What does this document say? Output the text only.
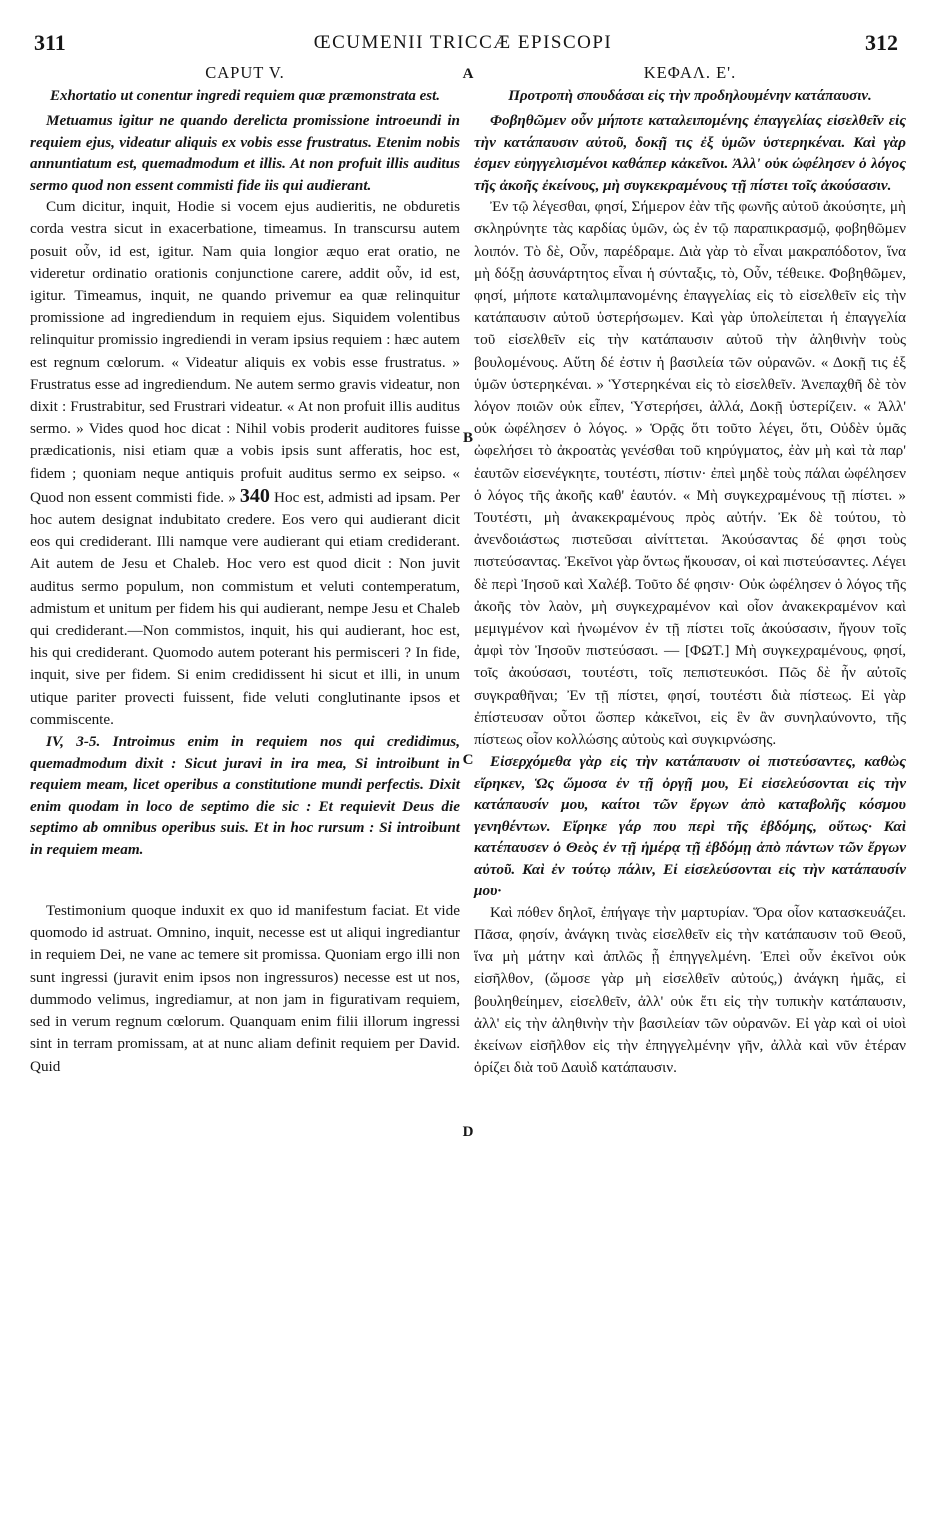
311	ŒCUMENII TRICCÆ EPISCOPI	312
A
B
C
D
CAPUT V.
Exhortatio ut conentur ingredi requiem quæ præmonstrata est.

Metuamus igitur ne quando derelicta promissione introeundi in requiem ejus, videatur aliquis ex vobis esse frustratus. Etenim nobis annuntiatum est, quemadmodum et illis. At non profuit illis auditus sermo quod non essent commisti fide iis qui audierant.

Cum dicitur, inquit, Hodie si vocem ejus audieritis, ne obduretis corda vestra sicut in exacerbatione, timeamus. In transcursu autem posuit οὖν, id est, igitur. Nam quia longior æquo erat oratio, ne videretur ordinatio orationis conjunctione carere, addit οὖν, id est, igitur. Timeamus, inquit, ne quando privemur ea quæ relinquitur promissione ad ingrediendum in requiem ejus. Siquidem volentibus relinquitur promissio ingrediendi in veram ipsius requiem : hæc autem est regnum cœlorum. « Videatur aliquis ex vobis esse frustratus. » Frustratus esse ad ingrediendum. Ne autem sermo gravis videatur, non dixit : Frustrabitur, sed Frustrari videatur. « At non profuit illis auditus sermo. » Vides quod hoc dicat : Nihil vobis proderit auditores fuisse prædicationis, nisi etiam quæ a vobis ipsis sunt afferatis, hoc est, fidem ; quoniam neque antiquis profuit auditus sermo ex seipso. « Quod non essent commisti fide. » 340 Hoc est, admisti ad ipsam. Per hoc autem designat indubitato credere. Eos vero qui audierant dicit eos qui crediderant. Illi namque vere audierant qui etiam crediderant. Ait autem de Jesu et Chaleb. Hoc vero est quod dicit : Non juvit auditus sermo populum, non commistum et veluti contemperatum, admistum et unitum per fidem his qui audierant, nempe Jesu et Chaleb qui crediderant.—Non commistos, inquit, his qui audierant, hoc est, his qui crediderant. Quomodo autem poterant his permisceri ? In fide, inquit, sive per fidem. Si enim credidissent hi sicut et illi, in unum utique pariter provecti fuissent, fide veluti conglutinante ipsos et commiscente.

IV, 3-5. Introimus enim in requiem nos qui credidimus, quemadmodum dixit : Sicut juravi in ira mea, Si introibunt in requiem meam, licet operibus a constitutione mundi perfectis. Dixit enim quodam in loco de septimo die sic : Et requievit Deus die septimo ab omnibus operibus suis. Et in hoc rursum : Si introibunt in requiem meam.

Testimonium quoque induxit ex quo id manifestum faciat. Et vide quomodo id astruat. Omnino, inquit, necesse est ut aliqui ingrediantur in requiem Dei, ne vane ac temere sit promissa. Quoniam ergo illi non sunt ingressi (juravit enim ipsos non ingressuros) necesse est ut nos, dummodo velimus, ingrediamur, at non jam in figurativam requiem, sed in verum regnum cœlorum. Quanquam enim filii illorum ingressi sint in terram promissam, at at nunc aliam definit requiem per David. Quid

ΚΕΦΑΛ. Ε'.
Προτροπὴ σπουδάσαι εἰς τὴν προδηλουμένην κατάπαυσιν.

Φοβηθῶμεν οὖν μήποτε καταλειπομένης ἐπαγγελίας εἰσελθεῖν εἰς τὴν κατάπαυσιν αὐτοῦ, δοκῇ τις ἐξ ὑμῶν ὑστερηκέναι. Καὶ γὰρ ἐσμεν εὐηγγελισμένοι καθάπερ κἀκεῖνοι. Ἀλλ' οὐκ ὠφέλησεν ὁ λόγος τῆς ἀκοῆς ἐκείνους, μὴ συγκεκραμένους τῇ πίστει τοῖς ἀκούσασιν.

Ἐν τῷ λέγεσθαι, φησί, Σήμερον ἐὰν τῆς φωνῆς αὐτοῦ ἀκούσητε, μὴ σκληρύνητε τὰς καρδίας ὑμῶν, ὡς ἐν τῷ παραπικρασμῷ, φοβηθῶμεν λοιπόν. Τὸ δὲ, Οὖν, παρέδραμε. Διὰ γὰρ τὸ εἶναι μακραπόδοτον, ἵνα μὴ δόξῃ ἀσυνάρτητος εἶναι ἡ σύνταξις, τὸ, Οὖν, τέθεικε. Φοβηθῶμεν, φησί, μήποτε καταλιμπανομένης ἐπαγγελίας εἰς τὸ εἰσελθεῖν εἰς τὴν κατάπαυσιν αὐτοῦ ὑστερήσωμεν. Καὶ γὰρ ὑπολείπεται ἡ ἐπαγγελία τοῦ εἰσελθεῖν εἰς τὴν κατάπαυσιν αὐτοῦ τὴν ἀληθινὴν τοὺς βουλομένους. Αὕτη δέ ἐστιν ἡ βασιλεία τῶν οὐρανῶν. « Δοκῇ τις ἐξ ὑμῶν ὑστερηκέναι. » Ὑστερηκέναι εἰς τὸ εἰσελθεῖν. Ἀνεπαχθῆ δὲ τὸν λόγον ποιῶν οὐκ εἶπεν, Ὑστερήσει, ἀλλά, Δοκῇ ὑστερίζειν. « Ἀλλ' οὐκ ὠφέλησεν ὁ λόγος. » Ὁρᾷς ὅτι τοῦτο λέγει, ὅτι, Οὐδὲν ὑμᾶς ὠφελήσει τὸ ἀκροατὰς γενέσθαι τοῦ κηρύγματος, ἐὰν μὴ καὶ τὰ παρ' ἑαυτῶν εἰσενέγκητε, τουτέστι, πίστιν· ἐπεὶ μηδὲ τοὺς πάλαι ὠφέλησεν ὁ λόγος τῆς ἀκοῆς καθ' ἑαυτόν. « Μὴ συγκεχραμένους τῇ πίστει. » Τουτέστι, μὴ ἀνακεκραμένους πρὸς αὐτήν. Ἐκ δὲ τούτου, τὸ ἀνενδοιάστως πιστεῦσαι αἰνίττεται. Ἀκούσαντας δέ φησι τοὺς πιστεύσαντας. Ἐκεῖνοι γὰρ ὄντως ἤκουσαν, οἱ καὶ πιστεύσαντες. Λέγει δὲ περὶ Ἰησοῦ καὶ Χαλέβ. Τοῦτο δέ φησιν· Οὐκ ὠφέλησεν ὁ λόγος τῆς ἀκοῆς τὸν λαὸν, μὴ συγκεχραμένον καὶ οἷον ἀνακεκραμένον καὶ μεμιγμένον καὶ ἡνωμένον ἐν τῇ πίστει τοῖς ἀκούσασιν, ἤγουν τοῖς ἀμφὶ τὸν Ἰησοῦν πιστεύσασι. — [ΦΩΤ.] Μὴ συγκεχραμένους, φησί, τοῖς ἀκούσασι, τουτέστι, τοῖς πεπιστευκόσι. Πῶς δὲ ἦν αὐτοῖς συγκραθῆναι; Ἐν τῇ πίστει, φησί, τουτέστι διὰ πίστεως. Εἰ γὰρ ἐπίστευσαν οὗτοι ὥσπερ κἀκεῖνοι, εἰς ἓν ἂν συνηλαύνοντο, τῆς πίστεως οἷον κολλώσης αὐτοὺς καὶ συγκιρνώσης.

Εἰσερχόμεθα γὰρ εἰς τὴν κατάπαυσιν οἱ πιστεύσαντες, καθὼς εἴρηκεν, Ὡς ὤμοσα ἐν τῇ ὀργῇ μου, Εἰ εἰσελεύσονται εἰς τὴν κατάπαυσίν μου, καίτοι τῶν ἔργων ἀπὸ καταβολῆς κόσμου γενηθέντων. Εἴρηκε γάρ που περὶ τῆς ἑβδόμης, οὕτως· Καὶ κατέπαυσεν ὁ Θεὸς ἐν τῇ ἡμέρᾳ τῇ ἑβδόμῃ ἀπὸ πάντων τῶν ἔργων αὐτοῦ. Καὶ ἐν τούτῳ πάλιν, Εἰ εἰσελεύσονται εἰς τὴν κατάπαυσίν μου·

Καὶ πόθεν δηλοῖ, ἐπήγαγε τὴν μαρτυρίαν. Ὅρα οἷον κατασκευάζει. Πᾶσα, φησίν, ἀνάγκη τινὰς εἰσελθεῖν εἰς τὴν κατάπαυσιν τοῦ Θεοῦ, ἵνα μὴ μάτην καὶ ἁπλῶς ᾖ ἐπηγγελμένη. Ἐπεὶ οὖν ἐκεῖνοι οὐκ εἰσῆλθον, (ὤμοσε γὰρ μὴ εἰσελθεῖν αὐτούς,) ἀνάγκη ἡμᾶς, εἰ βουληθείημεν, εἰσελθεῖν, ἀλλ' οὐκ ἔτι εἰς τὴν τυπικὴν κατάπαυσιν, ἀλλ' εἰς τὴν ἀληθινὴν τὴν βασιλείαν τῶν οὐρανῶν. Εἰ γὰρ καὶ οἱ υἱοὶ ἐκείνων εἰσῆλθον εἰς τὴν ἐπηγγελμένην γῆν, ἀλλὰ καὶ νῦν ἑτέραν ὁρίζει διὰ τοῦ Δαυὶδ κατάπαυσιν.
